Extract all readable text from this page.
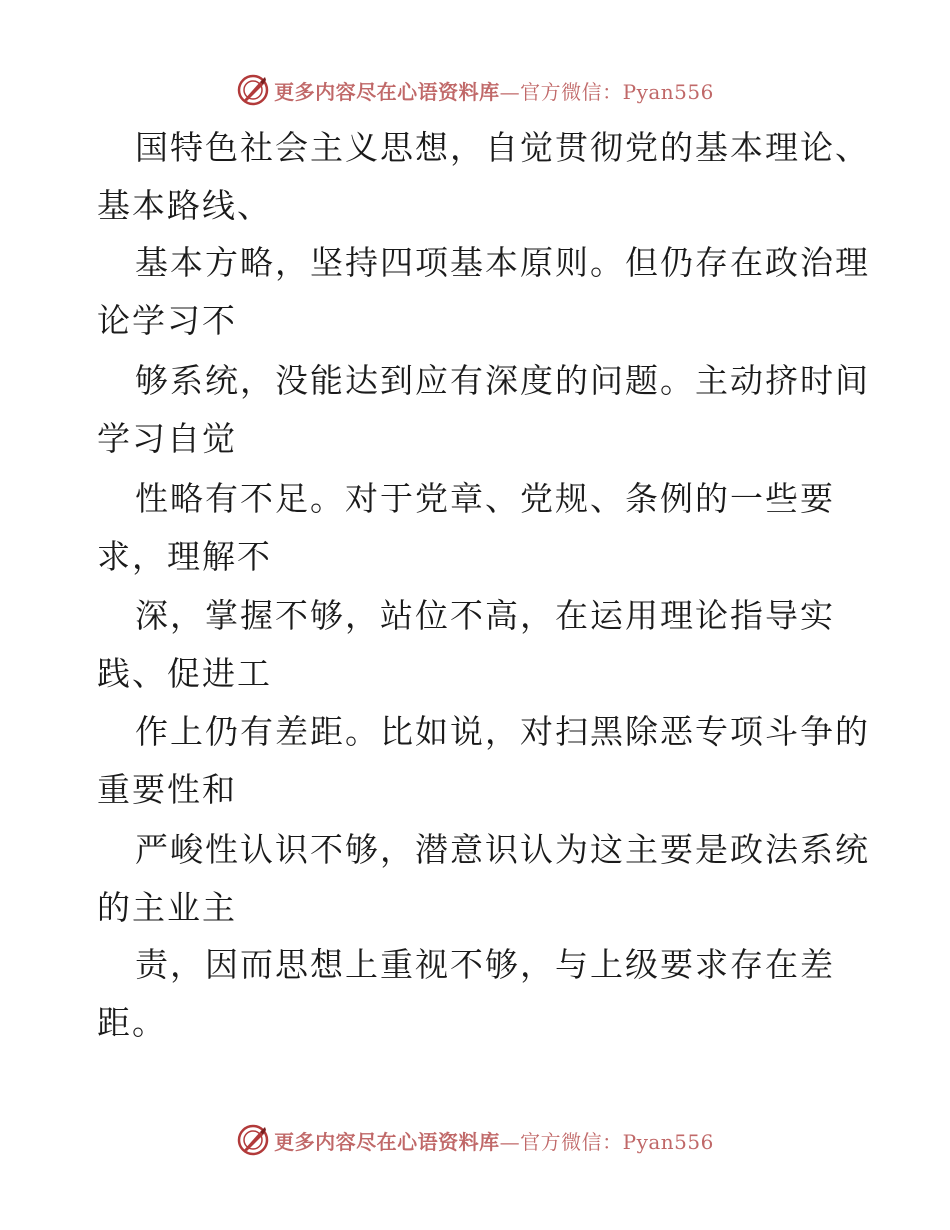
更多内容尽在心语资料库—官方微信：Pyan556
国特色社会主义思想，自觉贯彻党的基本理论、
基本路线、
基本方略，坚持四项基本原则。但仍存在政治理
论学习不
够系统，没能达到应有深度的问题。主动挤时间
学习自觉
性略有不足。对于党章、党规、条例的一些要
求，理解不
深，掌握不够，站位不高，在运用理论指导实
践、促进工
作上仍有差距。比如说，对扫黑除恶专项斗争的
重要性和
严峻性认识不够，潜意识认为这主要是政法系统
的主业主
责，因而思想上重视不够，与上级要求存在差
距。
更多内容尽在心语资料库—官方微信：Pyan556
